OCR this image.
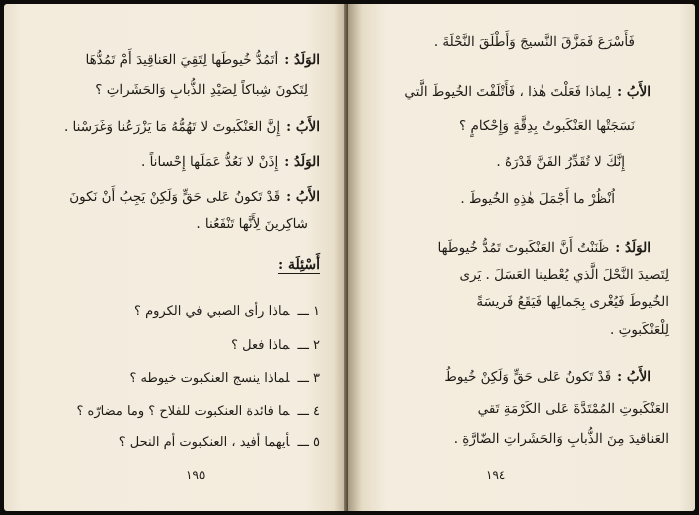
الوَلَدُ :أتَمُدُّ خُيوطَها لِتَقِيَ العَناقِيدَ أَمْ تَمُدُّهَا
لِتَكونَ شِباكاً لِصَيْدِ الذُّبابِ وَالحَشَراتِ ؟
الأَبُ :إِنَّ العَنْكَبوتَ لا تَهُمُّهُ مَا يَزْرَعُنا وَغَرَسْنا .
الوَلَدُ :إِذَنْ لا نَعُدُّ عَمَلَها إِحْساناً .
الأَبُ :قَدْ تَكونُ عَلى حَقٍّ وَلَكِنْ يَجِبُ أَنْ نَكونَ
شاكِرينَ لِأَنَّها تَنْفَعُنا .
أَسْئِلَة :
١ ـــماذا رأى الصبي في الكروم ؟
٢ ـــماذا فعل ؟
٣ ـــلماذا ينسج العنكبوت خيوطه ؟
٤ ـــما فائدة العنكبوت للفلاح ؟ وما مضارّه ؟
٥ ـــأيهما أفيد ، العنكبوت أم النحل ؟
١٩٥
فَأَسْرَعَ فَمَزَّقَ النَّسيجَ وَأَطْلَقَ النَّحْلَةَ .
الأَبُ :لِماذا فَعَلْتَ هٰذا ، فَأَتْلَفْتَ الخُيوطَ الَّتي
نَسَجَتْها العَنْكَبوتُ بِدِقَّةٍ وَإِحْكامٍ ؟
إِنَّكَ لا تُقَدِّرُ الفَنَّ قَدْرَهُ .
اُنْظُرْ ما أَجْمَلَ هٰذِهِ الخُيوطَ .
الوَلَدُ :ظَنَنْتُ أَنَّ العَنْكَبوتَ تَمُدُّ خُيوطَها
لِتَصيدَ النَّحْلَ الَّذي يُعْطينا العَسَلَ . يَرى
الخُيوطَ فَيُغْرى بِجَمالِها فَيَقَعُ فَريسَةً
لِلْعَنْكَبوتِ .
الأَبُ :قَدْ تَكونُ عَلى حَقٍّ وَلَكِنْ خُيوطُ
العَنْكَبوتِ المُمْتَدَّةَ عَلى الكَرْمَةِ تَقي
العَناقيدَ مِنَ الذُّبابِ وَالحَشَراتِ الضّارَّةِ .
١٩٤
